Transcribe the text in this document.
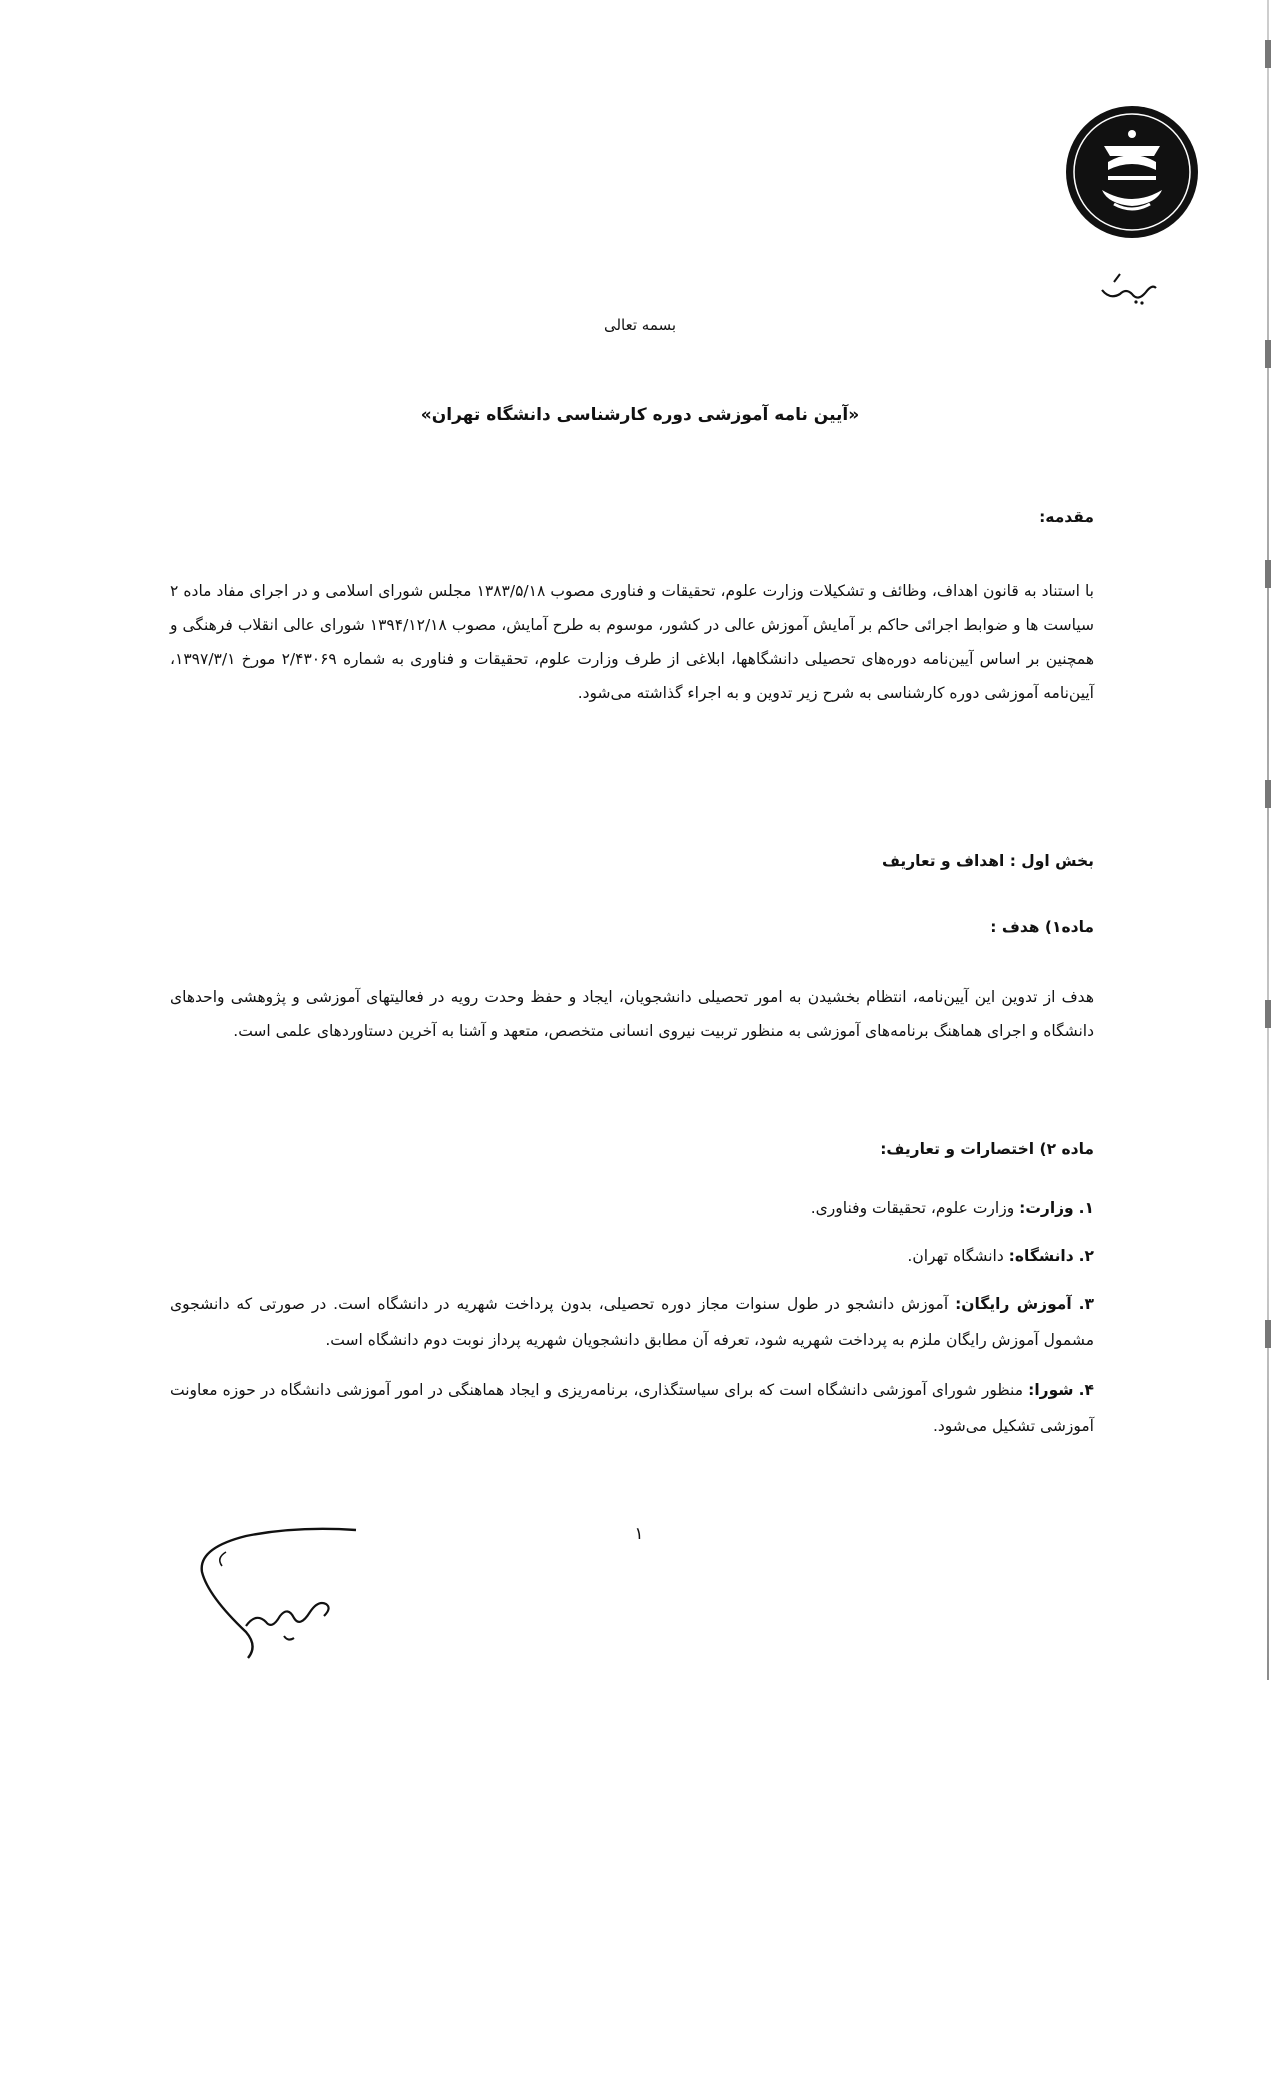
بسمه تعالی
«آیین نامه آموزشی دوره کارشناسی دانشگاه تهران»
مقدمه:
با استناد به قانون اهداف، وظائف و تشکیلات وزارت علوم، تحقیقات و فناوری مصوب ۱۳۸۳/۵/۱۸ مجلس شورای اسلامی و در اجرای مفاد ماده ۲ سیاست ها و ضوابط اجرائی حاکم بر آمایش آموزش عالی در کشور، موسوم به طرح آمایش، مصوب ۱۳۹۴/۱۲/۱۸ شورای عالی انقلاب فرهنگی و همچنین بر اساس آیین‌نامه دوره‌های تحصیلی دانشگاهها، ابلاغی از طرف وزارت علوم، تحقیقات و فناوری به شماره ۲/۴۳۰۶۹ مورخ ۱۳۹۷/۳/۱، آیین‌نامه آموزشی دوره کارشناسی به شرح زیر تدوین و به اجراء گذاشته می‌شود.
بخش اول : اهداف و تعاریف
ماده۱) هدف :
هدف از تدوین این آیین‌نامه، انتظام بخشیدن به امور تحصیلی دانشجویان، ایجاد و حفظ وحدت رویه در فعالیتهای آموزشی و پژوهشی واحدهای دانشگاه و اجرای هماهنگ برنامه‌های آموزشی به منظور تربیت نیروی انسانی متخصص، متعهد و آشنا به آخرین دستاوردهای علمی است.
ماده ۲) اختصارات و تعاریف:
۱. وزارت: وزارت علوم، تحقیقات وفناوری.
۲. دانشگاه: دانشگاه تهران.
۳. آموزش رایگان: آموزش دانشجو در طول سنوات مجاز دوره تحصیلی، بدون پرداخت شهریه در دانشگاه است. در صورتی که دانشجوی مشمول آموزش رایگان ملزم به پرداخت شهریه شود، تعرفه آن مطابق دانشجویان شهریه پرداز نوبت دوم دانشگاه است.
۴. شورا: منظور شورای آموزشی دانشگاه است که برای سیاستگذاری، برنامه‌ریزی و ایجاد هماهنگی در امور آموزشی دانشگاه در حوزه معاونت آموزشی تشکیل می‌شود.
۱
